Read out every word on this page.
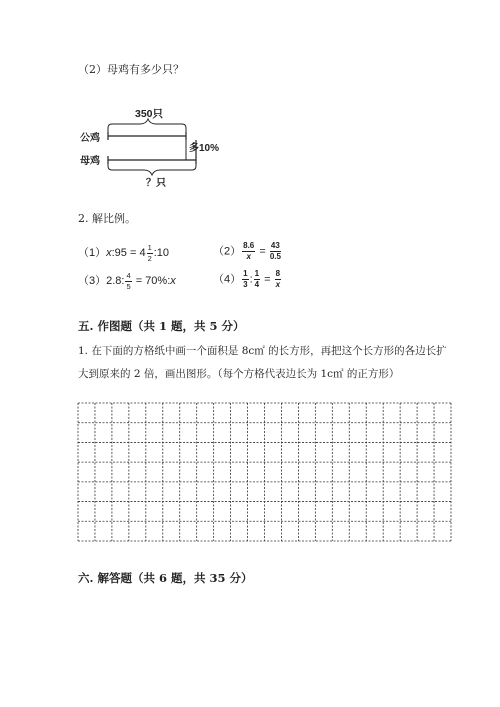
（2）母鸡有多少只？
350只
公鸡
母鸡
多10%
？只
2. 解比例。
（1）x:95 = $4 \frac{1}{2}$ :10	$(2) \frac{8.6}{x} = \frac{43}{0.5}$
（3）2.8: $\frac{4}{5}$ = 70%:x	$(4) \frac{1}{3}$ : $\frac{1}{4} = \frac{8}{x}$
五. 作图题（共 1 题，共 5 分）
1. 在下面的方格纸中画一个面积是 8c㎡ 的长方形，再把这个长方形的各边长扩
大到原来的 2 倍，画出图形。（每个方格代表边长为 1c㎡ 的正方形）
六. 解答题（共 6 题，共 35 分）
